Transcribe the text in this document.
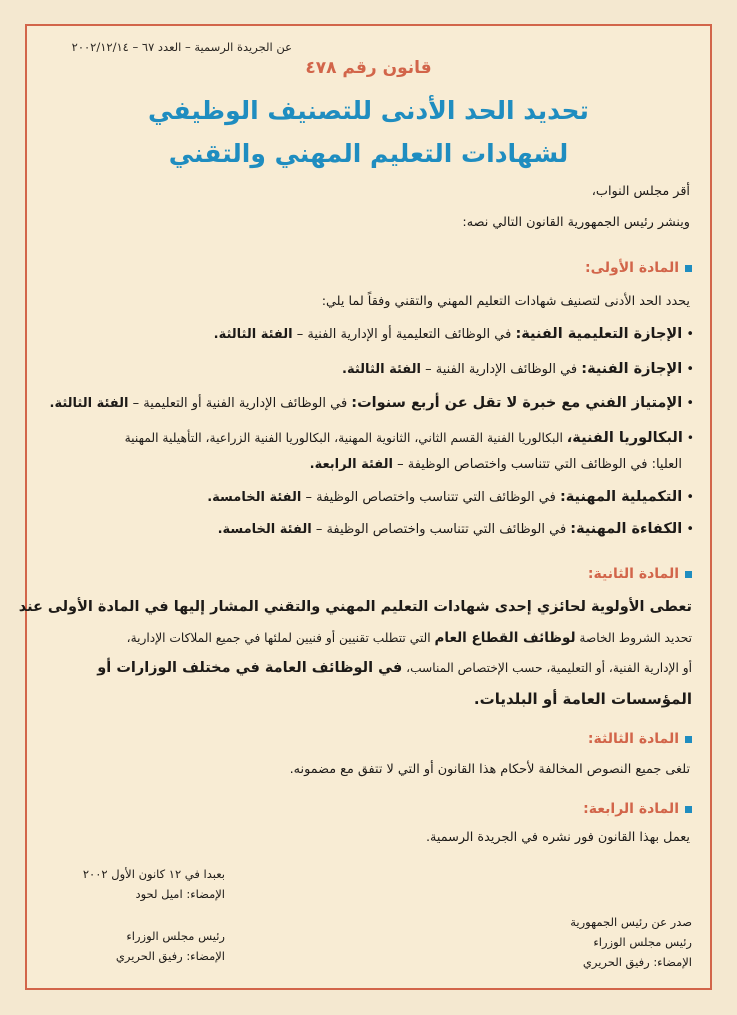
عن الجريدة الرسمية – العدد ٦٧ – ٢٠٠٢/١٢/١٤
قانون رقم ٤٧٨
تحديد الحد الأدنى للتصنيف الوظيفي
لشهادات التعليم المهني والتقني
أقر مجلس النواب،
وينشر رئيس الجمهورية القانون التالي نصه:
المادة الأولى:
يحدد الحد الأدنى لتصنيف شهادات التعليم المهني والتقني وفقاً لما يلي:
• الإجازة التعليمية الفنية: في الوظائف التعليمية أو الإدارية الفنية – الفئة الثالثة.
• الإجازة الفنية: في الوظائف الإدارية الفنية – الفئة الثالثة.
• الإمتياز الفني مع خبرة لا تقل عن أربع سنوات: في الوظائف الإدارية الفنية أو التعليمية – الفئة الثالثة.
• البكالوريا الفنية، البكالوريا الفنية القسم الثاني، الثانوية المهنية، البكالوريا الفنية الزراعية، التأهيلية المهنية
العليا: في الوظائف التي تتناسب واختصاص الوظيفة – الفئة الرابعة.
• التكميلية المهنية: في الوظائف التي تتناسب واختصاص الوظيفة – الفئة الخامسة.
• الكفاءة المهنية: في الوظائف التي تتناسب واختصاص الوظيفة – الفئة الخامسة.
المادة الثانية:
تعطى الأولوية لحائزي إحدى شهادات التعليم المهني والتقني المشار إليها في المادة الأولى عند
تحديد الشروط الخاصة لوظائف القطاع العام التي تتطلب تقنيين أو فنيين لملئها في جميع الملاكات الإدارية،
أو الإدارية الفنية، أو التعليمية، حسب الإختصاص المناسب، في الوظائف العامة في مختلف الوزارات أو
المؤسسات العامة أو البلديات.
المادة الثالثة:
تلغى جميع النصوص المخالفة لأحكام هذا القانون أو التي لا تتفق مع مضمونه.
المادة الرابعة:
يعمل بهذا القانون فور نشره في الجريدة الرسمية.
بعبدا في ١٢ كانون الأول ٢٠٠٢
الإمضاء: اميل لحود
رئيس مجلس الوزراء
الإمضاء: رفيق الحريري
صدر عن رئيس الجمهورية
رئيس مجلس الوزراء
الإمضاء: رفيق الحريري
